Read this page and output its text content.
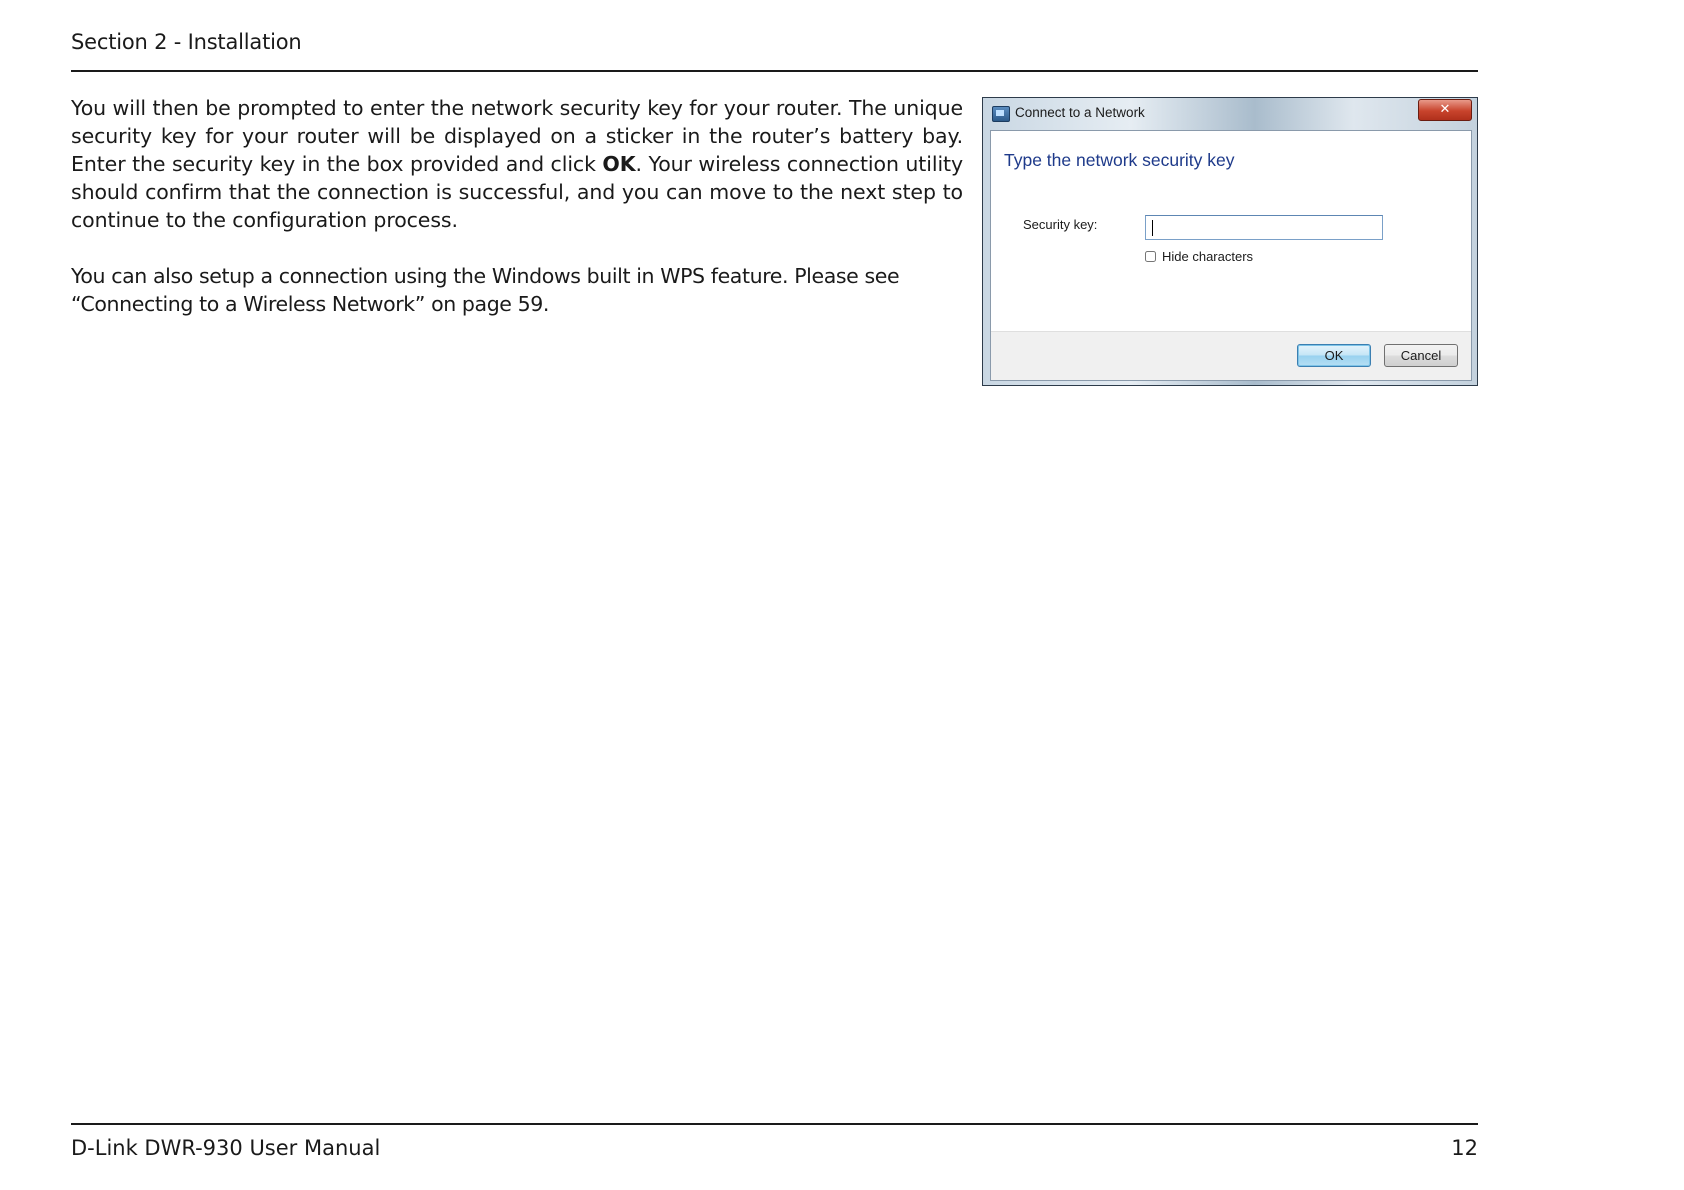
Section 2 - Installation

You will then be prompted to enter the network security key for your router. The unique security key for your router will be displayed on a sticker in the router’s battery bay. Enter the security key in the box provided and click OK. Your wireless connection utility should confirm that the connection is successful, and you can move to the next step to continue to the configuration process.

You can also setup a connection using the Windows built in WPS feature. Please see “Connecting to a Wireless Network” on page 59.

Connect to a Network	✕
Type the network security key
Security key:
Hide characters
OK	Cancel
D-Link DWR-930 User Manual	12
